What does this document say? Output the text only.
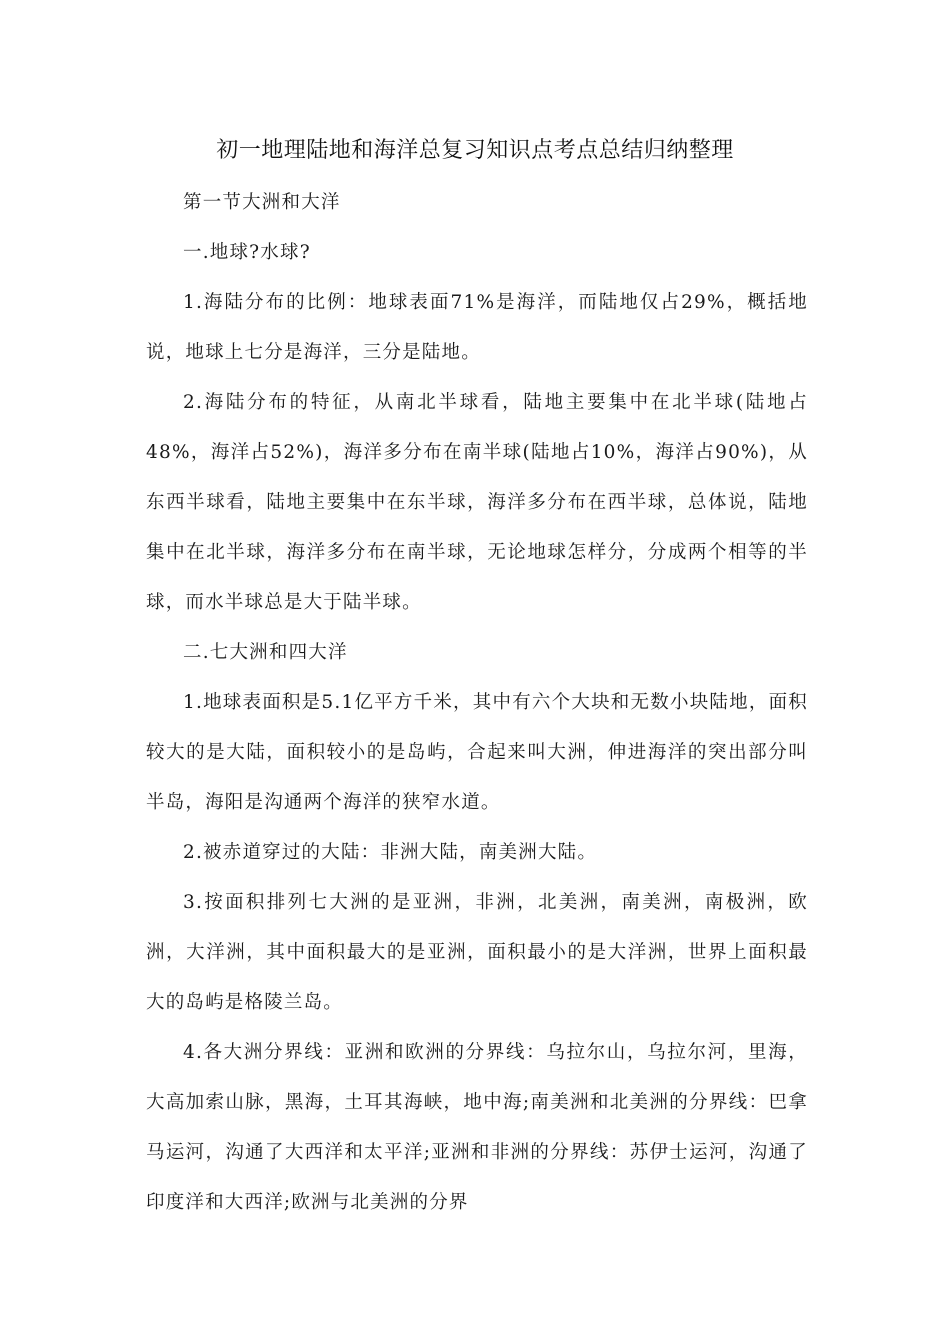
初一地理陆地和海洋总复习知识点考点总结归纳整理

第一节大洲和大洋

一.地球?水球?

1.海陆分布的比例：地球表面71%是海洋，而陆地仅占29%，概括地说，地球上七分是海洋，三分是陆地。

2.海陆分布的特征，从南北半球看，陆地主要集中在北半球(陆地占48%，海洋占52%)，海洋多分布在南半球(陆地占10%，海洋占90%)，从东西半球看，陆地主要集中在东半球，海洋多分布在西半球，总体说，陆地集中在北半球，海洋多分布在南半球，无论地球怎样分，分成两个相等的半球，而水半球总是大于陆半球。

二.七大洲和四大洋

1.地球表面积是5.1亿平方千米，其中有六个大块和无数小块陆地，面积较大的是大陆，面积较小的是岛屿，合起来叫大洲，伸进海洋的突出部分叫半岛，海阳是沟通两个海洋的狭窄水道。

2.被赤道穿过的大陆：非洲大陆，南美洲大陆。

3.按面积排列七大洲的是亚洲，非洲，北美洲，南美洲，南极洲，欧洲，大洋洲，其中面积最大的是亚洲，面积最小的是大洋洲，世界上面积最大的岛屿是格陵兰岛。

4.各大洲分界线：亚洲和欧洲的分界线：乌拉尔山，乌拉尔河，里海，大高加索山脉，黑海，土耳其海峡，地中海;南美洲和北美洲的分界线：巴拿马运河，沟通了大西洋和太平洋;亚洲和非洲的分界线：苏伊士运河，沟通了印度洋和大西洋;欧洲与北美洲的分界
